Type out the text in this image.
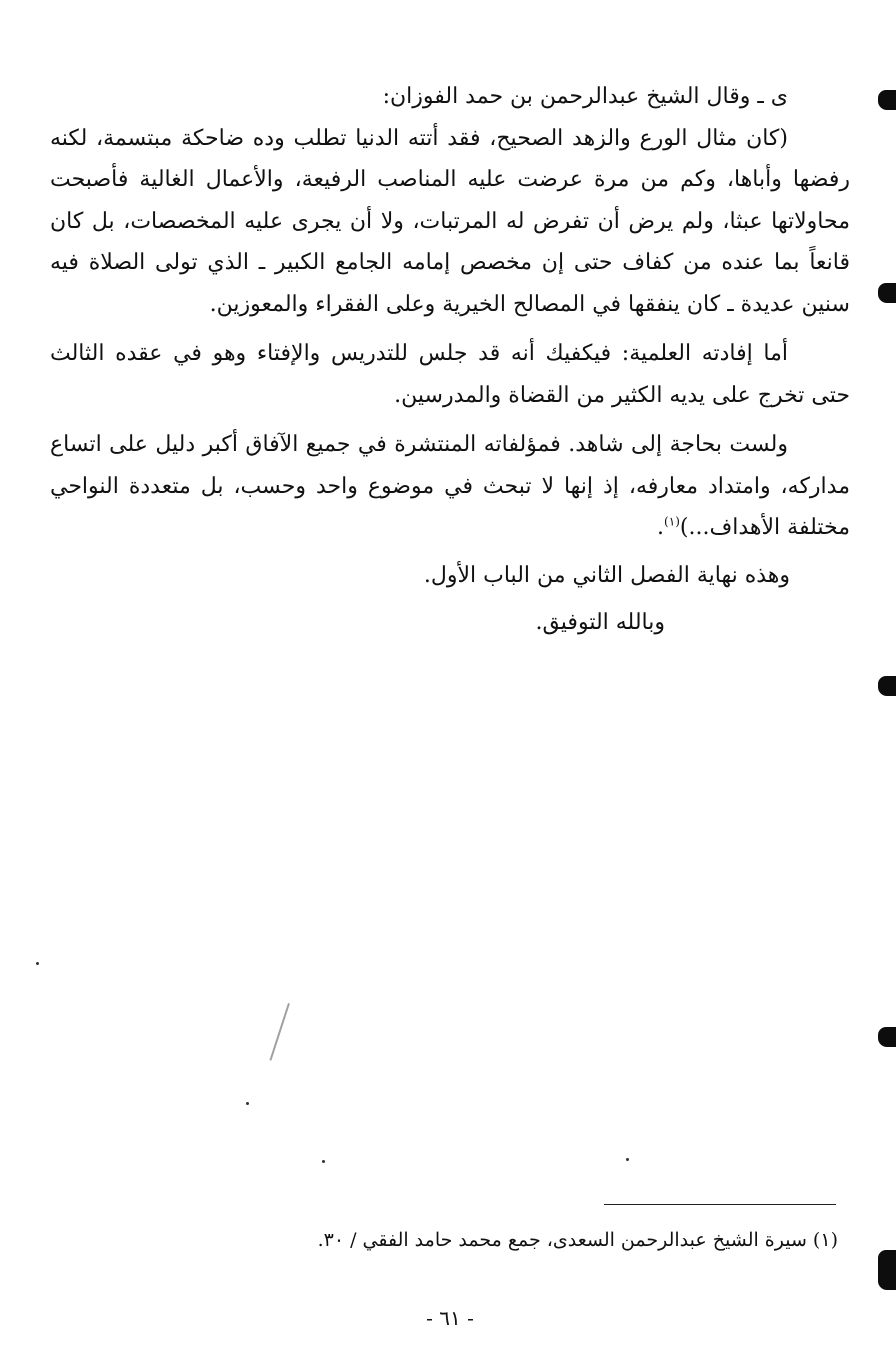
ى ـ وقال الشيخ عبدالرحمن بن حمد الفوزان:

(كان مثال الورع والزهد الصحيح، فقد أتته الدنيا تطلب وده ضاحكة مبتسمة، لكنه رفضها وأباها، وكم من مرة عرضت عليه المناصب الرفيعة، والأعمال الغالية فأصبحت محاولاتها عبثا، ولم يرض أن تفرض له المرتبات، ولا أن يجرى عليه المخصصات، بل كان قانعاً بما عنده من كفاف حتى إن مخصص إمامه الجامع الكبير ـ الذي تولى الصلاة فيه سنين عديدة ـ كان ينفقها في المصالح الخيرية وعلى الفقراء والمعوزين.

أما إفادته العلمية: فيكفيك أنه قد جلس للتدريس والإفتاء وهو في عقده الثالث حتى تخرج على يديه الكثير من القضاة والمدرسين.

ولست بحاجة إلى شاهد. فمؤلفاته المنتشرة في جميع الآفاق أكبر دليل على اتساع مداركه، وامتداد معارفه، إذ إنها لا تبحث في موضوع واحد وحسب، بل متعددة النواحي مختلفة الأهداف...)$^{(١)}$.

وهذه نهاية الفصل الثاني من الباب الأول.

وبالله التوفيق.

(١) سيرة الشيخ عبدالرحمن السعدى، جمع محمد حامد الفقي / ٣٠.
- ٦١ -
